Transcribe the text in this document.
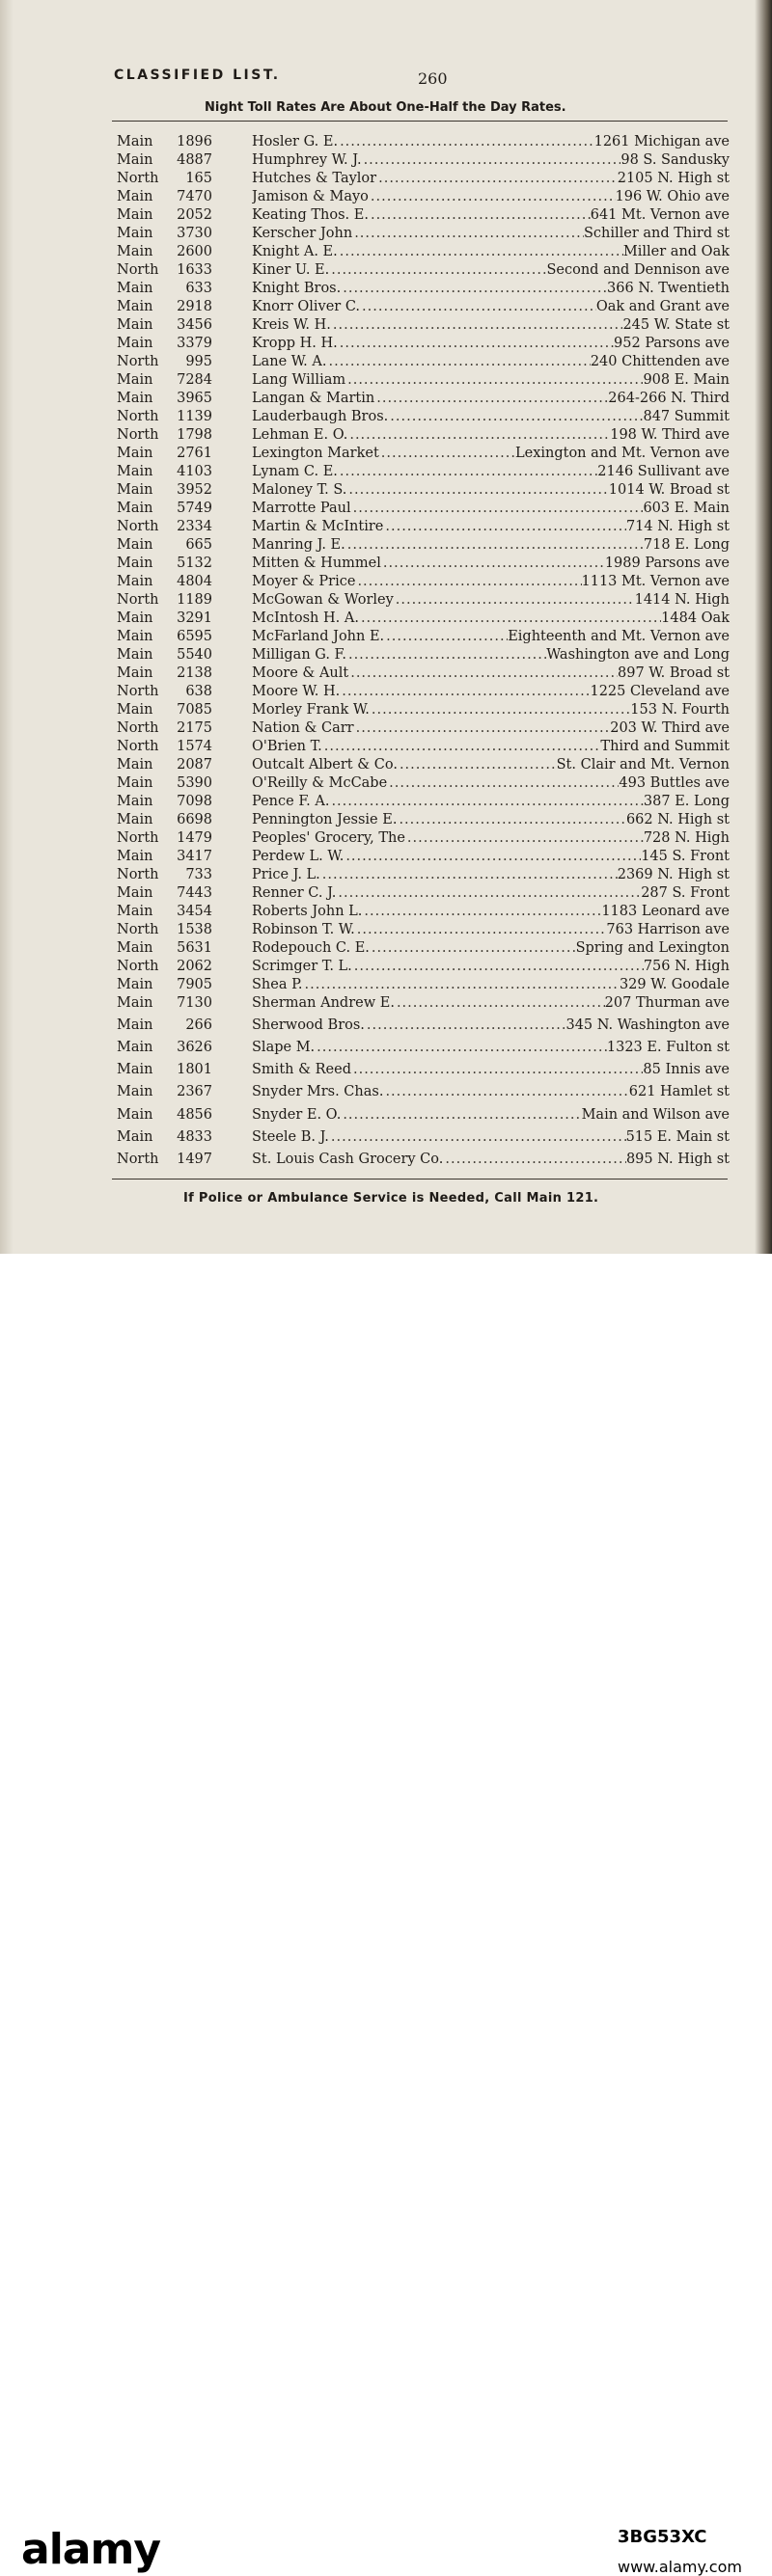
CLASSIFIED LIST.	260
Night Toll Rates Are About One-Half the Day Rates.
Main	1896	Hosler G. E. .....	1261 Michigan ave
Main	4887	Humphrey W. J. .....	98 S. Sandusky
North	165	Hutches & Taylor .....	2105 N. High st
Main	7470	Jamison & Mayo .....	196 W. Ohio ave
Main	2052	Keating Thos. E. .....	641 Mt. Vernon ave
Main	3730	Kerscher John .....	Schiller and Third st
Main	2600	Knight A. E. .....	Miller and Oak
North	1633	Kiner U. E. .....	Second and Dennison ave
Main	633	Knight Bros. .....	366 N. Twentieth
Main	2918	Knorr Oliver C. .....	Oak and Grant ave
Main	3456	Kreis W. H. .....	245 W. State st
Main	3379	Kropp H. H. .....	952 Parsons ave
North	995	Lane W. A. .....	240 Chittenden ave
Main	7284	Lang William .....	908 E. Main
Main	3965	Langan & Martin .....	264-266 N. Third
North	1139	Lauderbaugh Bros. .....	847 Summit
North	1798	Lehman E. O. .....	198 W. Third ave
Main	2761	Lexington Market .....	Lexington and Mt. Vernon ave
Main	4103	Lynam C. E. .....	2146 Sullivant ave
Main	3952	Maloney T. S. .....	1014 W. Broad st
Main	5749	Marrotte Paul .....	603 E. Main
North	2334	Martin & McIntire .....	714 N. High st
Main	665	Manring J. E. .....	718 E. Long
Main	5132	Mitten & Hummel .....	1989 Parsons ave
Main	4804	Moyer & Price .....	1113 Mt. Vernon ave
North	1189	McGowan & Worley .....	1414 N. High
Main	3291	McIntosh H. A. .....	1484 Oak
Main	6595	McFarland John E. .....	Eighteenth and Mt. Vernon ave
Main	5540	Milligan G. F. .....	Washington ave and Long
Main	2138	Moore & Ault .....	897 W. Broad st
North	638	Moore W. H. .....	1225 Cleveland ave
Main	7085	Morley Frank W. .....	153 N. Fourth
North	2175	Nation & Carr .....	203 W. Third ave
North	1574	O'Brien T. .....	Third and Summit
Main	2087	Outcalt Albert & Co. .....	St. Clair and Mt. Vernon
Main	5390	O'Reilly & McCabe .....	493 Buttles ave
Main	7098	Pence F. A. .....	387 E. Long
Main	6698	Pennington Jessie E. .....	662 N. High st
North	1479	Peoples' Grocery, The .....	728 N. High
Main	3417	Perdew L. W. .....	145 S. Front
North	733	Price J. L. .....	2369 N. High st
Main	7443	Renner C. J. .....	287 S. Front
Main	3454	Roberts John L. .....	1183 Leonard ave
North	1538	Robinson T. W. .....	763 Harrison ave
Main	5631	Rodepouch C. E. .....	Spring and Lexington
North	2062	Scrimger T. L. .....	756 N. High
Main	7905	Shea P. .....	329 W. Goodale
Main	7130	Sherman Andrew E. .....	207 Thurman ave
Main	266	Sherwood Bros. .....	345 N. Washington ave
Main	3626	Slape M. .....	1323 E. Fulton st
Main	1801	Smith & Reed .....	85 Innis ave
Main	2367	Snyder Mrs. Chas. .....	621 Hamlet st
Main	4856	Snyder E. O. .....	Main and Wilson ave
Main	4833	Steele B. J. .....	515 E. Main st
North	1497	St. Louis Cash Grocery Co. .....	895 N. High st
If Police or Ambulance Service is Needed, Call Main 121.
alamy	3BG53XC
www.alamy.com
